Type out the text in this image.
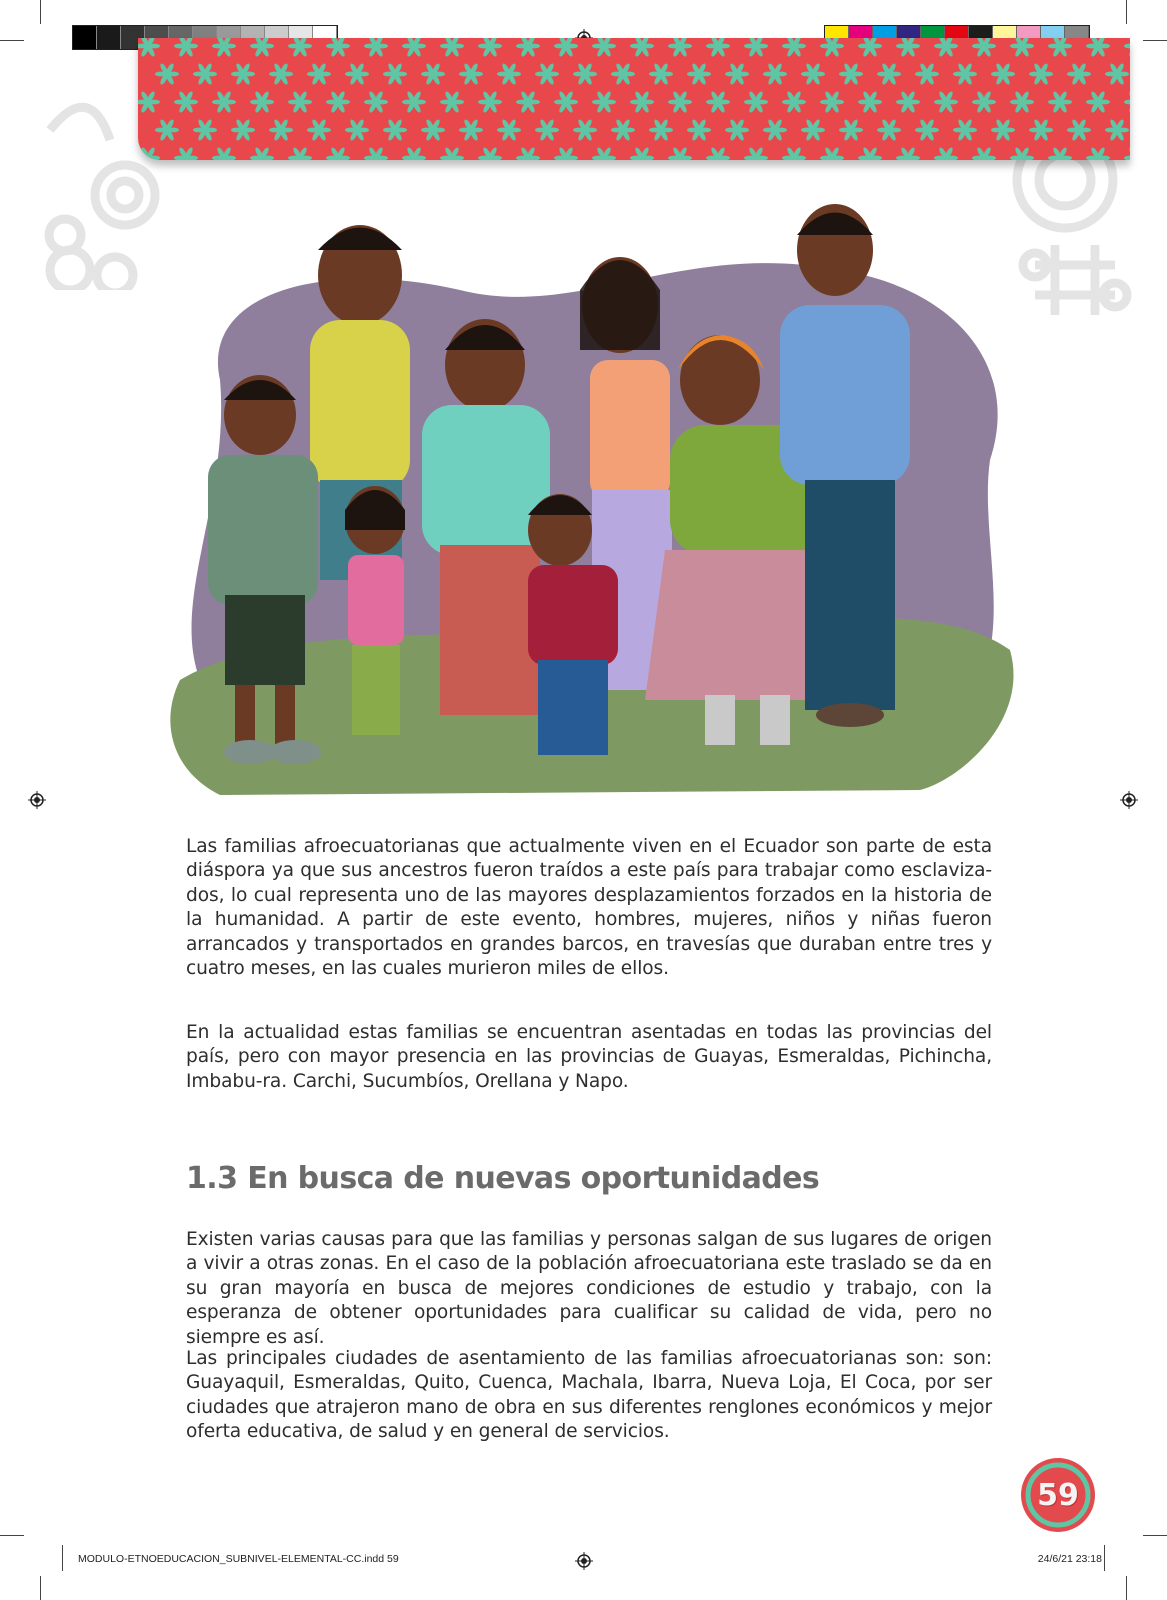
Las familias afroecuatorianas que actualmente viven en el Ecuador son parte de esta diáspora ya que sus ancestros fueron traídos a este país para trabajar como esclaviza-dos, lo cual representa uno de las mayores desplazamientos forzados en la historia de la humanidad. A partir de este evento, hombres, mujeres, niños y niñas fueron arrancados y transportados en grandes barcos, en travesías que duraban entre tres y cuatro meses, en las cuales murieron miles de ellos.

En la actualidad estas familias se encuentran asentadas en todas las provincias del país, pero con mayor presencia en las provincias de Guayas, Esmeraldas, Pichincha, Imbabu-ra. Carchi, Sucumbíos, Orellana y Napo.

1.3 En busca de nuevas oportunidades

Existen varias causas para que las familias y personas salgan de sus lugares de origen a vivir a otras zonas. En el caso de la población afroecuatoriana este traslado se da en su gran mayoría en busca de mejores condiciones de estudio y trabajo, con la esperanza de obtener oportunidades para cualificar su calidad de vida, pero no siempre es así.

Las principales ciudades de asentamiento de las familias afroecuatorianas son: son: Guayaquil, Esmeraldas, Quito, Cuenca, Machala, Ibarra, Nueva Loja, El Coca, por ser ciudades que atrajeron mano de obra en sus diferentes renglones económicos y mejor oferta educativa, de salud y en general de servicios.

59
MODULO-ETNOEDUCACION_SUBNIVEL-ELEMENTAL-CC.indd 59	24/6/21 23:18
